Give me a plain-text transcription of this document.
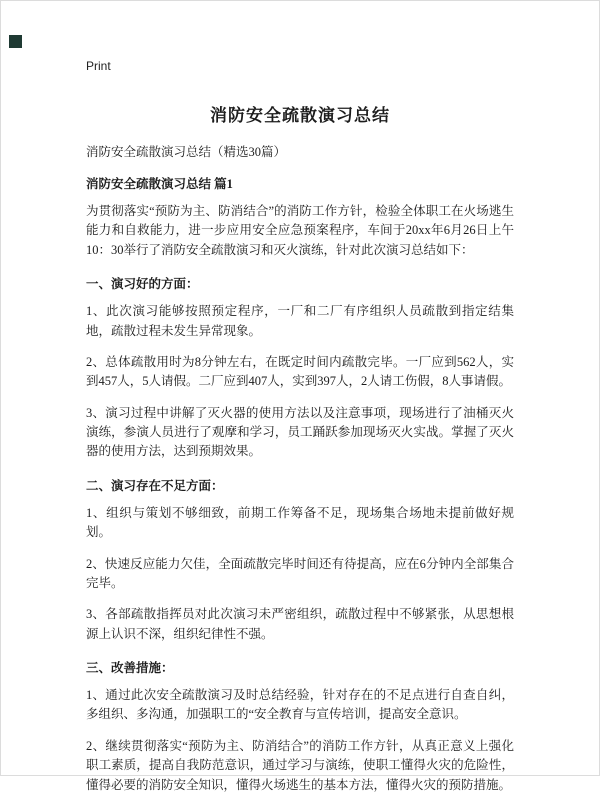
Print
消防安全疏散演习总结

消防安全疏散演习总结（精选30篇）

消防安全疏散演习总结 篇1

为贯彻落实“预防为主、防消结合”的消防工作方针，检验全体职工在火场逃生能力和自救能力，进一步应用安全应急预案程序，车间于20xx年6月26日上午10：30举行了消防安全疏散演习和灭火演练，针对此次演习总结如下：

一、演习好的方面：

1、此次演习能够按照预定程序，一厂和二厂有序组织人员疏散到指定结集地，疏散过程未发生异常现象。

2、总体疏散用时为8分钟左右，在既定时间内疏散完毕。一厂应到562人，实到457人，5人请假。二厂应到407人，实到397人，2人请工伤假，8人事请假。

3、演习过程中讲解了灭火器的使用方法以及注意事项，现场进行了油桶灭火演练，参演人员进行了观摩和学习，员工踊跃参加现场灭火实战。掌握了灭火器的使用方法，达到预期效果。

二、演习存在不足方面：

1、组织与策划不够细致，前期工作筹备不足，现场集合场地未提前做好规划。

2、快速反应能力欠佳，全面疏散完毕时间还有待提高，应在6分钟内全部集合完毕。

3、各部疏散指挥员对此次演习未严密组织，疏散过程中不够紧张，从思想根源上认识不深，组织纪律性不强。

三、改善措施：

1、通过此次安全疏散演习及时总结经验，针对存在的不足点进行自查自纠，多组织、多沟通，加强职工的“安全教育与宣传培训，提高安全意识。

2、继续贯彻落实“预防为主、防消结合”的消防工作方针，从真正意义上强化职工素质，提高自我防范意识，通过学习与演练，使职工懂得火灾的危险性，懂得必要的消防安全知识，懂得火场逃生的基本方法，懂得火灾的预防措施。
